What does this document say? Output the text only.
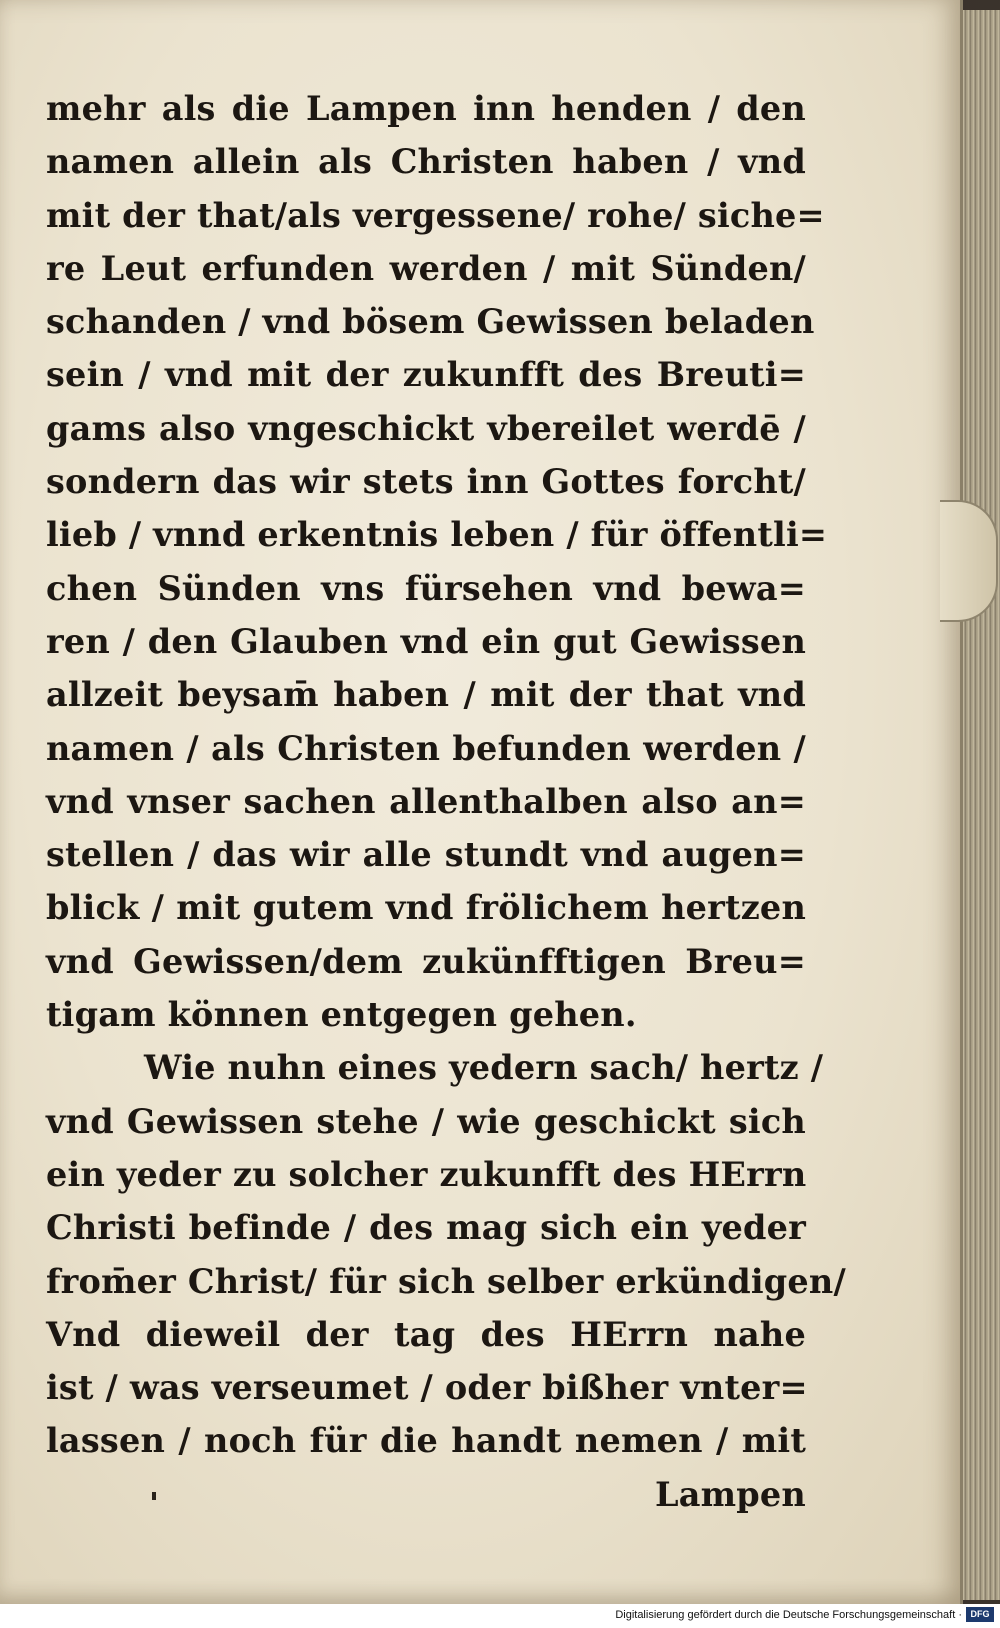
mehr als die Lampen inn henden / den
namen allein als Christen haben / vnd
mit der that/als vergessene/ rohe/ siche=
re Leut erfunden werden / mit Sünden/
schanden / vnd bösem Gewissen beladen
sein / vnd mit der zukunfft des Breuti=
gams also vngeschickt vbereilet werdē /
sondern das wir stets inn Gottes forcht/
lieb / vnnd erkentnis leben / für öffentli=
chen Sünden vns fürsehen vnd bewa=
ren / den Glauben vnd ein gut Gewissen
allzeit beysam̄ haben / mit der that vnd
namen / als Christen befunden werden /
vnd vnser sachen allenthalben also an=
stellen / das wir alle stundt vnd augen=
blick / mit gutem vnd frölichem hertzen
vnd Gewissen/dem zukünfftigen Breu=
tigam können entgegen gehen.
Wie nuhn eines yedern sach/ hertz /
vnd Gewissen stehe / wie geschickt sich
ein yeder zu solcher zukunfft des HErrn
Christi befinde / des mag sich ein yeder
from̄er Christ/ für sich selber erkündigen/
Vnd dieweil der tag des HErrn nahe
ist / was verseumet / oder bißher vnter=
lassen / noch für die handt nemen / mit
Lampen
Digitalisierung gefördert durch die Deutsche Forschungsgemeinschaft · DFG
